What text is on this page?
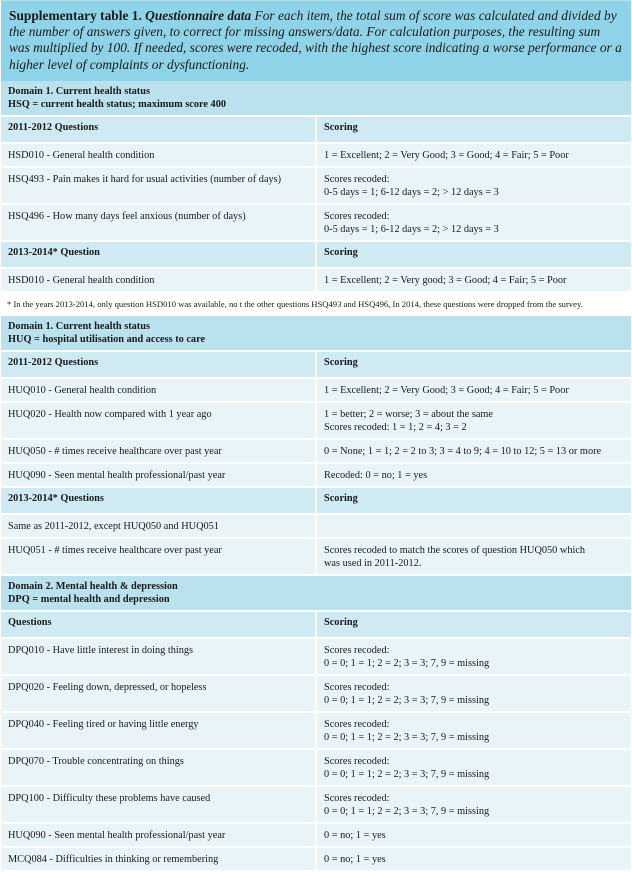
Supplementary table 1. Questionnaire data For each item, the total sum of score was calculated and divided by the number of answers given, to correct for missing answers/data. For calculation purposes, the resulting sum was multiplied by 100. If needed, scores were recoded, with the highest score indicating a worse performance or a higher level of complaints or dysfunctioning.
Domain 1. Current health status
HSQ = current health status; maximum score 400	

2011-2012 Questions	Scoring
HSD010 - General health condition	1 = Excellent; 2 = Very Good; 3 = Good; 4 = Fair; 5 = Poor

HSQ493 - Pain makes it hard for usual activities (number of days)	Scores recoded:
0-5 days = 1; 6-12 days = 2; > 12 days = 3

HSQ496 - How many days feel anxious (number of days)	Scores recoded:
0-5 days = 1; 6-12 days = 2; > 12 days = 3

2013-2014* Question	Scoring
HSD010 - General health condition	1 = Excellent; 2 = Very good; 3 = Good; 4 = Fair; 5 = Poor

* In the years 2013-2014, only question HSD010 was available, no t the other questions HSQ493 and HSQ496, In 2014, these questions were dropped from the survey.	

Domain 1. Current health status
HUQ = hospital utilisation and access to care	

2011-2012 Questions	Scoring
HUQ010 - General health condition	1 = Excellent; 2 = Very Good; 3 = Good; 4 = Fair; 5 = Poor

HUQ020 - Health now compared with 1 year ago	1 = better; 2 = worse; 3 = about the same
Scores recoded: 1 = 1; 2 = 4; 3 = 2

HUQ050 - # times receive healthcare over past year	0 = None; 1 = 1; 2 = 2 to 3; 3 = 4 to 9; 4 = 10 to 12; 5 = 13 or more

HUQ090 - Seen mental health professional/past year	Recoded: 0 = no; 1 = yes

2013-2014* Questions	Scoring
Same as 2011-2012, except HUQ050 and HUQ051	
HUQ051 - # times receive healthcare over past year	Scores recoded to match the scores of question HUQ050 which
was used in 2011-2012.

Domain 2. Mental health & depression
DPQ = mental health and depression	

Questions	Scoring
DPQ010 - Have little interest in doing things	Scores recoded:
0 = 0; 1 = 1; 2 = 2; 3 = 3; 7, 9 = missing

DPQ020 - Feeling down, depressed, or hopeless	Scores recoded:
0 = 0; 1 = 1; 2 = 2; 3 = 3; 7, 9 = missing

DPQ040 - Feeling tired or having little energy	Scores recoded:
0 = 0; 1 = 1; 2 = 2; 3 = 3; 7, 9 = missing

DPQ070 - Trouble concentrating on things	Scores recoded:
0 = 0; 1 = 1; 2 = 2; 3 = 3; 7, 9 = missing

DPQ100 - Difficulty these problems have caused	Scores recoded:
0 = 0; 1 = 1; 2 = 2; 3 = 3; 7, 9 = missing

HUQ090 - Seen mental health professional/past year	0 = no; 1 = yes

MCQ084 - Difficulties in thinking or remembering	0 = no; 1 = yes
